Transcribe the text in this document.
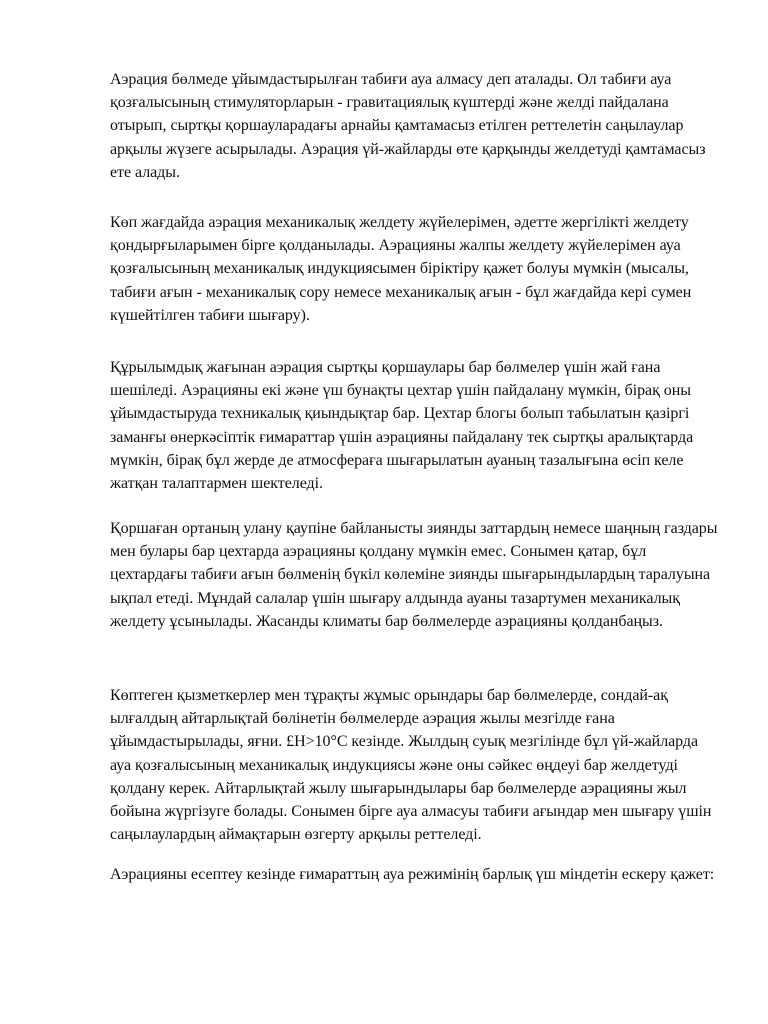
Аэрация бөлмеде ұйымдастырылған табиғи ауа алмасу деп аталады. Ол табиғи ауа қозғалысының стимуляторларын - гравитациялық күштерді және желді пайдалана отырып, сыртқы қоршауларадағы арнайы қамтамасыз етілген реттелетін саңылаулар арқылы жүзеге асырылады. Аэрация үй-жайларды өте қарқынды желдетуді қамтамасыз ете алады.

Көп жағдайда аэрация механикалық желдету жүйелерімен, әдетте жергілікті желдету қондырғыларымен бірге қолданылады. Аэрацияны жалпы желдету жүйелерімен ауа қозғалысының механикалық индукциясымен біріктіру қажет болуы мүмкін (мысалы, табиғи ағын - механикалық сору немесе механикалық ағын - бұл жағдайда кері сумен күшейтілген табиғи шығару).

Құрылымдық жағынан аэрация сыртқы қоршаулары бар бөлмелер үшін жай ғана шешіледі. Аэрацияны екі және үш бунақты цехтар үшін пайдалану мүмкін, бірақ оны ұйымдастыруда техникалық қиындықтар бар. Цехтар блогы болып табылатын қазіргі заманғы өнеркәсіптік ғимараттар үшін аэрацияны пайдалану тек сыртқы аралықтарда мүмкін, бірақ бұл жерде де атмосфераға шығарылатын ауаның тазалығына өсіп келе жатқан талаптармен шектеледі.

Қоршаған ортаның улану қаупіне байланысты зиянды заттардың немесе шаңның газдары мен булары бар цехтарда аэрацияны қолдану мүмкін емес. Сонымен қатар, бұл цехтардағы табиғи ағын бөлменің бүкіл көлеміне зиянды шығарындылардың таралуына ықпал етеді. Мұндай салалар үшін шығару алдында ауаны тазартумен механикалық желдету ұсынылады. Жасанды климаты бар бөлмелерде аэрацияны қолданбаңыз.

Көптеген қызметкерлер мен тұрақты жұмыс орындары бар бөлмелерде, сондай-ақ ылғалдың айтарлықтай бөлінетін бөлмелерде аэрация жылы мезгілде ғана ұйымдастырылады, яғни. £Н>10°С кезінде. Жылдың суық мезгілінде бұл үй-жайларда ауа қозғалысының механикалық индукциясы және оны сәйкес өңдеуі бар желдетуді қолдану керек. Айтарлықтай жылу шығарындылары бар бөлмелерде аэрацияны жыл бойына жүргізуге болады. Сонымен бірге ауа алмасуы табиғи ағындар мен шығару үшін саңылаулардың аймақтарын өзгерту арқылы реттеледі.

Аэрацияны есептеу кезінде ғимараттың ауа режимінің барлық үш міндетін ескеру қажет:
